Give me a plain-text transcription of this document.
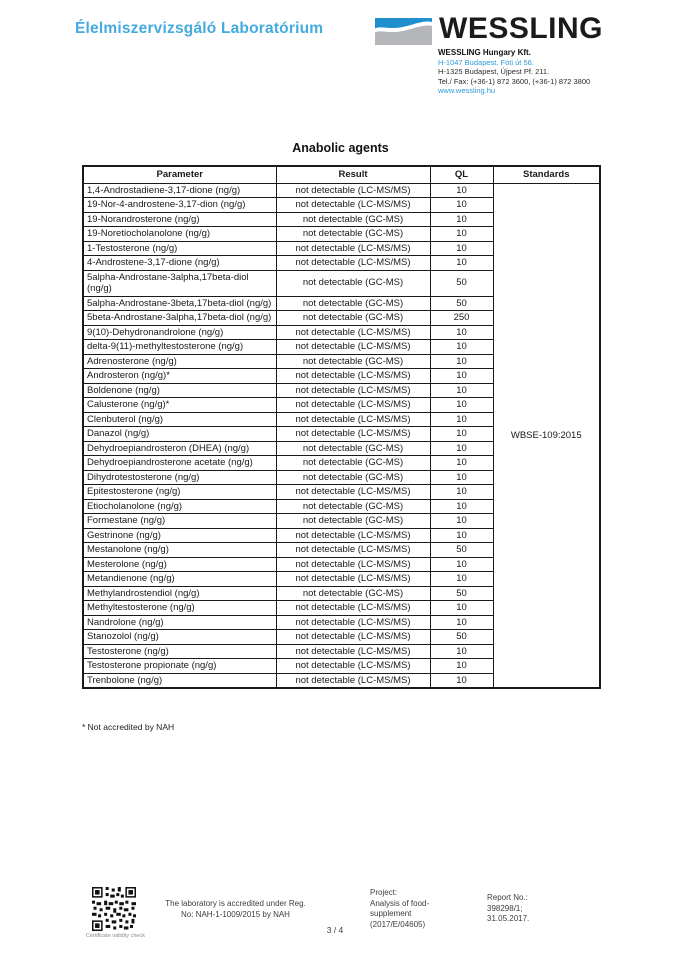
Élelmiszervizsgáló Laboratórium	WESSLING
WESSLING Hungary Kft.
H-1047 Budapest, Fóti út 56.
H-1325 Budapest, Újpest Pf. 211.
Tel./ Fax: (+36-1) 872 3600, (+36-1) 872 3800
www.wessling.hu
Anabolic agents
Parameter	Result	QL	Standards
1,4-Androstadiene-3,17-dione (ng/g)	not detectable (LC-MS/MS)	10	WBSE-109:2015
19-Nor-4-androstene-3,17-dion (ng/g)	not detectable (LC-MS/MS)	10	
19-Norandrosterone (ng/g)	not detectable (GC-MS)	10	
19-Noretiocholanolone (ng/g)	not detectable (GC-MS)	10	
1-Testosterone (ng/g)	not detectable (LC-MS/MS)	10	
4-Androstene-3,17-dione (ng/g)	not detectable (LC-MS/MS)	10	
5alpha-Androstane-3alpha,17beta-diol (ng/g)	not detectable (GC-MS)	50	
5alpha-Androstane-3beta,17beta-diol (ng/g)	not detectable (GC-MS)	50	
5beta-Androstane-3alpha,17beta-diol (ng/g)	not detectable (GC-MS)	250	
9(10)-Dehydronandrolone (ng/g)	not detectable (LC-MS/MS)	10	
delta-9(11)-methyltestosterone (ng/g)	not detectable (LC-MS/MS)	10	
Adrenosterone (ng/g)	not detectable (GC-MS)	10	
Androsteron (ng/g)*	not detectable (LC-MS/MS)	10	
Boldenone (ng/g)	not detectable (LC-MS/MS)	10	
Calusterone (ng/g)*	not detectable (LC-MS/MS)	10	
Clenbuterol (ng/g)	not detectable (LC-MS/MS)	10	
Danazol (ng/g)	not detectable (LC-MS/MS)	10	
Dehydroepiandrosteron (DHEA) (ng/g)	not detectable (GC-MS)	10	
Dehydroepiandrosterone acetate (ng/g)	not detectable (GC-MS)	10	
Dihydrotestosterone (ng/g)	not detectable (GC-MS)	10	
Epitestosterone (ng/g)	not detectable (LC-MS/MS)	10	
Etiocholanolone (ng/g)	not detectable (GC-MS)	10	
Formestane (ng/g)	not detectable (GC-MS)	10	
Gestrinone (ng/g)	not detectable (LC-MS/MS)	10	
Mestanolone (ng/g)	not detectable (LC-MS/MS)	50	
Mesterolone (ng/g)	not detectable (LC-MS/MS)	10	
Metandienone (ng/g)	not detectable (LC-MS/MS)	10	
Methylandrostendiol (ng/g)	not detectable (GC-MS)	50	
Methyltestosterone (ng/g)	not detectable (LC-MS/MS)	10	
Nandrolone (ng/g)	not detectable (LC-MS/MS)	10	
Stanozolol (ng/g)	not detectable (LC-MS/MS)	50	
Testosterone (ng/g)	not detectable (LC-MS/MS)	10	
Testosterone propionate (ng/g)	not detectable (LC-MS/MS)	10	
Trenbolone (ng/g)	not detectable (LC-MS/MS)	10	
* Not accredited by NAH
Certificate validity check
The laboratory is accredited under Reg.
No: NAH-1-1009/2015 by NAH
3 / 4
Project:
Analysis of food-
supplement
(2017/E/04605)
Report No.:
398298/1;
31.05.2017.
